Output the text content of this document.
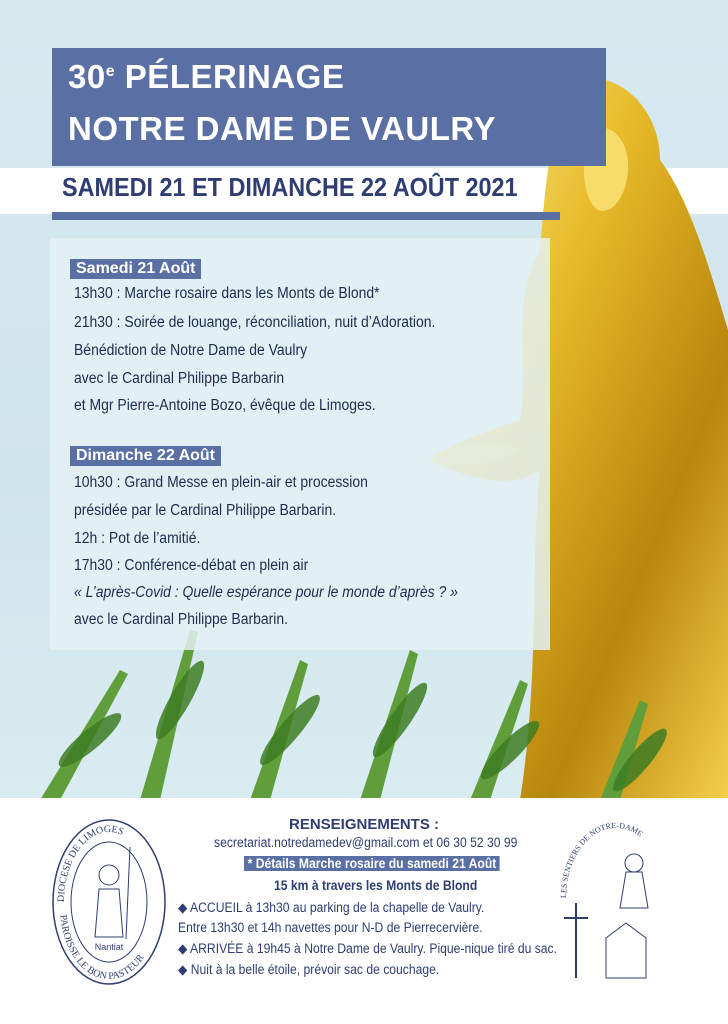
30e PÉLERINAGE
NOTRE DAME DE VAULRY
SAMEDI 21 ET DIMANCHE 22 AOÛT 2021
Samedi 21 Août
13h30 : Marche rosaire dans les Monts de Blond*
21h30 : Soirée de louange, réconciliation, nuit d’Adoration.
Bénédiction de Notre Dame de Vaulry
avec le Cardinal Philippe Barbarin
et Mgr Pierre-Antoine Bozo, évêque de Limoges.
Dimanche 22 Août
10h30 : Grand Messe en plein-air et procession
présidée par le Cardinal Philippe Barbarin.
12h : Pot de l’amitié.
17h30 : Conférence-débat en plein air
« L’après-Covid : Quelle espérance pour le monde d’après ? »
avec le Cardinal Philippe Barbarin.
DIOCESE DE LIMOGES
PAROISSE LE BON PASTEUR
Nantiat
RENSEIGNEMENTS :
secretariat.notredamedev@gmail.com et 06 30 52 30 99
* Détails Marche rosaire du samedi 21 Août
15 km à travers les Monts de Blond
◆ ACCUEIL à 13h30 au parking de la chapelle de Vaulry.
Entre 13h30 et 14h navettes pour N-D de Pierrecervière.
◆ ARRIVÉE à 19h45 à Notre Dame de Vaulry. Pique-nique tiré du sac.
◆ Nuit à la belle étoile, prévoir sac de couchage.
LES SENTIERS DE NOTRE-DAME
